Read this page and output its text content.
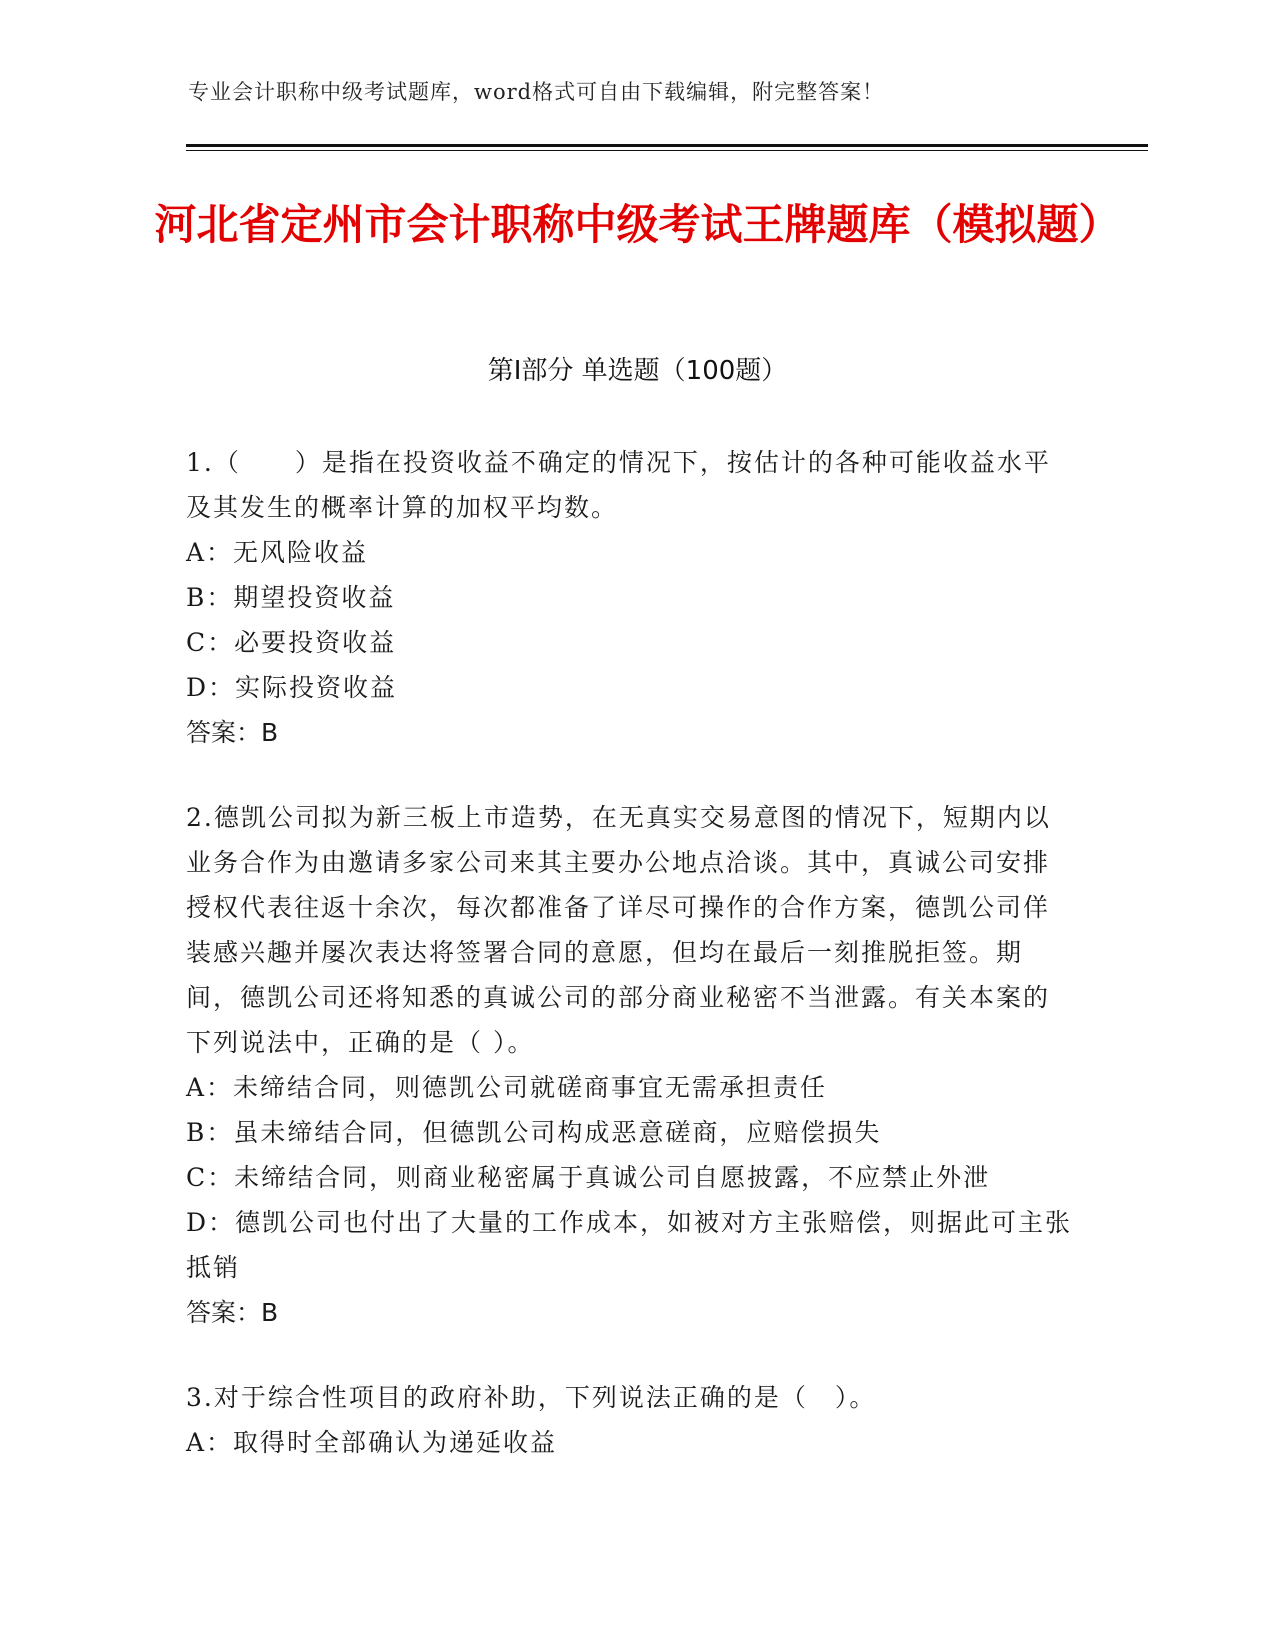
专业会计职称中级考试题库，word格式可自由下载编辑，附完整答案！
河北省定州市会计职称中级考试王牌题库（模拟题）
第Ⅰ部分 单选题（100题）

1.（　　）是指在投资收益不确定的情况下，按估计的各种可能收益水平及其发生的概率计算的加权平均数。

A：无风险收益

B：期望投资收益

C：必要投资收益

D：实际投资收益

答案：B

2.德凯公司拟为新三板上市造势，在无真实交易意图的情况下，短期内以业务合作为由邀请多家公司来其主要办公地点洽谈。其中，真诚公司安排授权代表往返十余次，每次都准备了详尽可操作的合作方案，德凯公司佯装感兴趣并屡次表达将签署合同的意愿，但均在最后一刻推脱拒签。期间，德凯公司还将知悉的真诚公司的部分商业秘密不当泄露。有关本案的下列说法中，正确的是（ ）。

A：未缔结合同，则德凯公司就磋商事宜无需承担责任

B：虽未缔结合同，但德凯公司构成恶意磋商，应赔偿损失

C：未缔结合同，则商业秘密属于真诚公司自愿披露，不应禁止外泄

D：德凯公司也付出了大量的工作成本，如被对方主张赔偿，则据此可主张抵销

答案：B

3.对于综合性项目的政府补助，下列说法正确的是（　）。

A：取得时全部确认为递延收益
